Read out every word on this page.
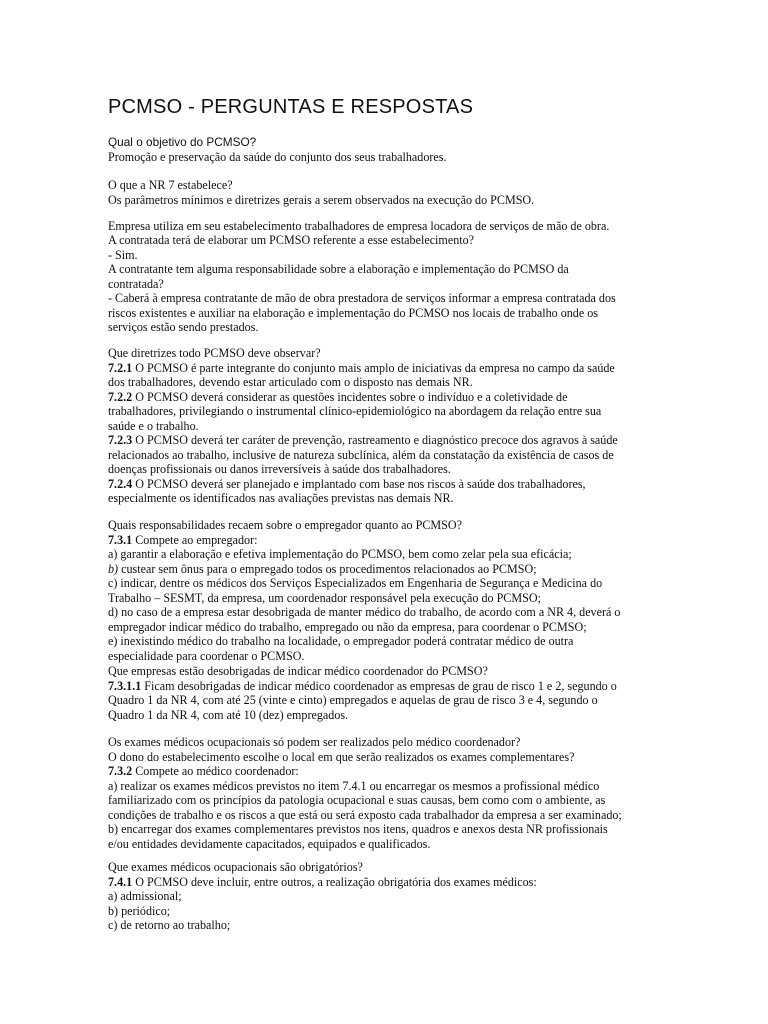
PCMSO - PERGUNTAS E RESPOSTAS
Qual o objetivo do PCMSO?
Promoção e preservação da saúde do conjunto dos seus trabalhadores.
O que a NR 7 estabelece?
Os parâmetros mínimos e diretrizes gerais a serem observados na execução do PCMSO.
Empresa utiliza em seu estabelecimento trabalhadores de empresa locadora de serviços de mão de obra.
A contratada terá de elaborar um PCMSO referente a esse estabelecimento?
- Sim.
A contratante tem alguma responsabilidade sobre a elaboração e implementação do PCMSO da
contratada?
- Caberá à empresa contratante de mão de obra prestadora de serviços informar a empresa contratada dos
riscos existentes e auxiliar na elaboração e implementação do PCMSO nos locais de trabalho onde os
serviços estão sendo prestados.
Que diretrizes todo PCMSO deve observar?
7.2.1 O PCMSO é parte integrante do conjunto mais amplo de iniciativas da empresa no campo da saúde
dos trabalhadores, devendo estar articulado com o disposto nas demais NR.
7.2.2 O PCMSO deverá considerar as questões incidentes sobre o indivíduo e a coletividade de
trabalhadores, privilegiando o instrumental clínico-epidemiológico na abordagem da relação entre sua
saúde e o trabalho.
7.2.3 O PCMSO deverá ter caráter de prevenção, rastreamento e diagnóstico precoce dos agravos à saúde
relacionados ao trabalho, inclusive de natureza subclínica, além da constatação da existência de casos de
doenças profissionais ou danos irreversíveis à saúde dos trabalhadores.
7.2.4 O PCMSO deverá ser planejado e implantado com base nos riscos à saúde dos trabalhadores,
especialmente os identificados nas avaliações previstas nas demais NR.
Quais responsabilidades recaem sobre o empregador quanto ao PCMSO?
7.3.1 Compete ao empregador:
a) garantir a elaboração e efetiva implementação do PCMSO, bem como zelar pela sua eficácia;
b) custear sem ônus para o empregado todos os procedimentos relacionados ao PCMSO;
c) indicar, dentre os médicos dos Serviços Especializados em Engenharia de Segurança e Medicina do
Trabalho – SESMT, da empresa, um coordenador responsável pela execução do PCMSO;
d) no caso de a empresa estar desobrigada de manter médico do trabalho, de acordo com a NR 4, deverá o
empregador indicar médico do trabalho, empregado ou não da empresa, para coordenar o PCMSO;
e) inexistindo médico do trabalho na localidade, o empregador poderá contratar médico de outra
especialidade para coordenar o PCMSO.
Que empresas estão desobrigadas de indicar médico coordenador do PCMSO?
7.3.1.1 Ficam desobrigadas de indicar médico coordenador as empresas de grau de risco 1 e 2, segundo o
Quadro 1 da NR 4, com até 25 (vinte e cinto) empregados e aquelas de grau de risco 3 e 4, segundo o
Quadro 1 da NR 4, com até 10 (dez) empregados.
Os exames médicos ocupacionais só podem ser realizados pelo médico coordenador?
O dono do estabelecimento escolhe o local em que serão realizados os exames complementares?
7.3.2 Compete ao médico coordenador:
a) realizar os exames médicos previstos no item 7.4.1 ou encarregar os mesmos a profissional médico
familiarizado com os princípios da patologia ocupacional e suas causas, bem como com o ambiente, as
condições de trabalho e os riscos a que está ou será exposto cada trabalhador da empresa a ser examinado;
b) encarregar dos exames complementares previstos nos itens, quadros e anexos desta NR profissionais
e/ou entidades devidamente capacitados, equipados e qualificados.
Que exames médicos ocupacionais são obrigatórios?
7.4.1 O PCMSO deve incluir, entre outros, a realização obrigatória dos exames médicos:
a) admissional;
b) periódico;
c) de retorno ao trabalho;
